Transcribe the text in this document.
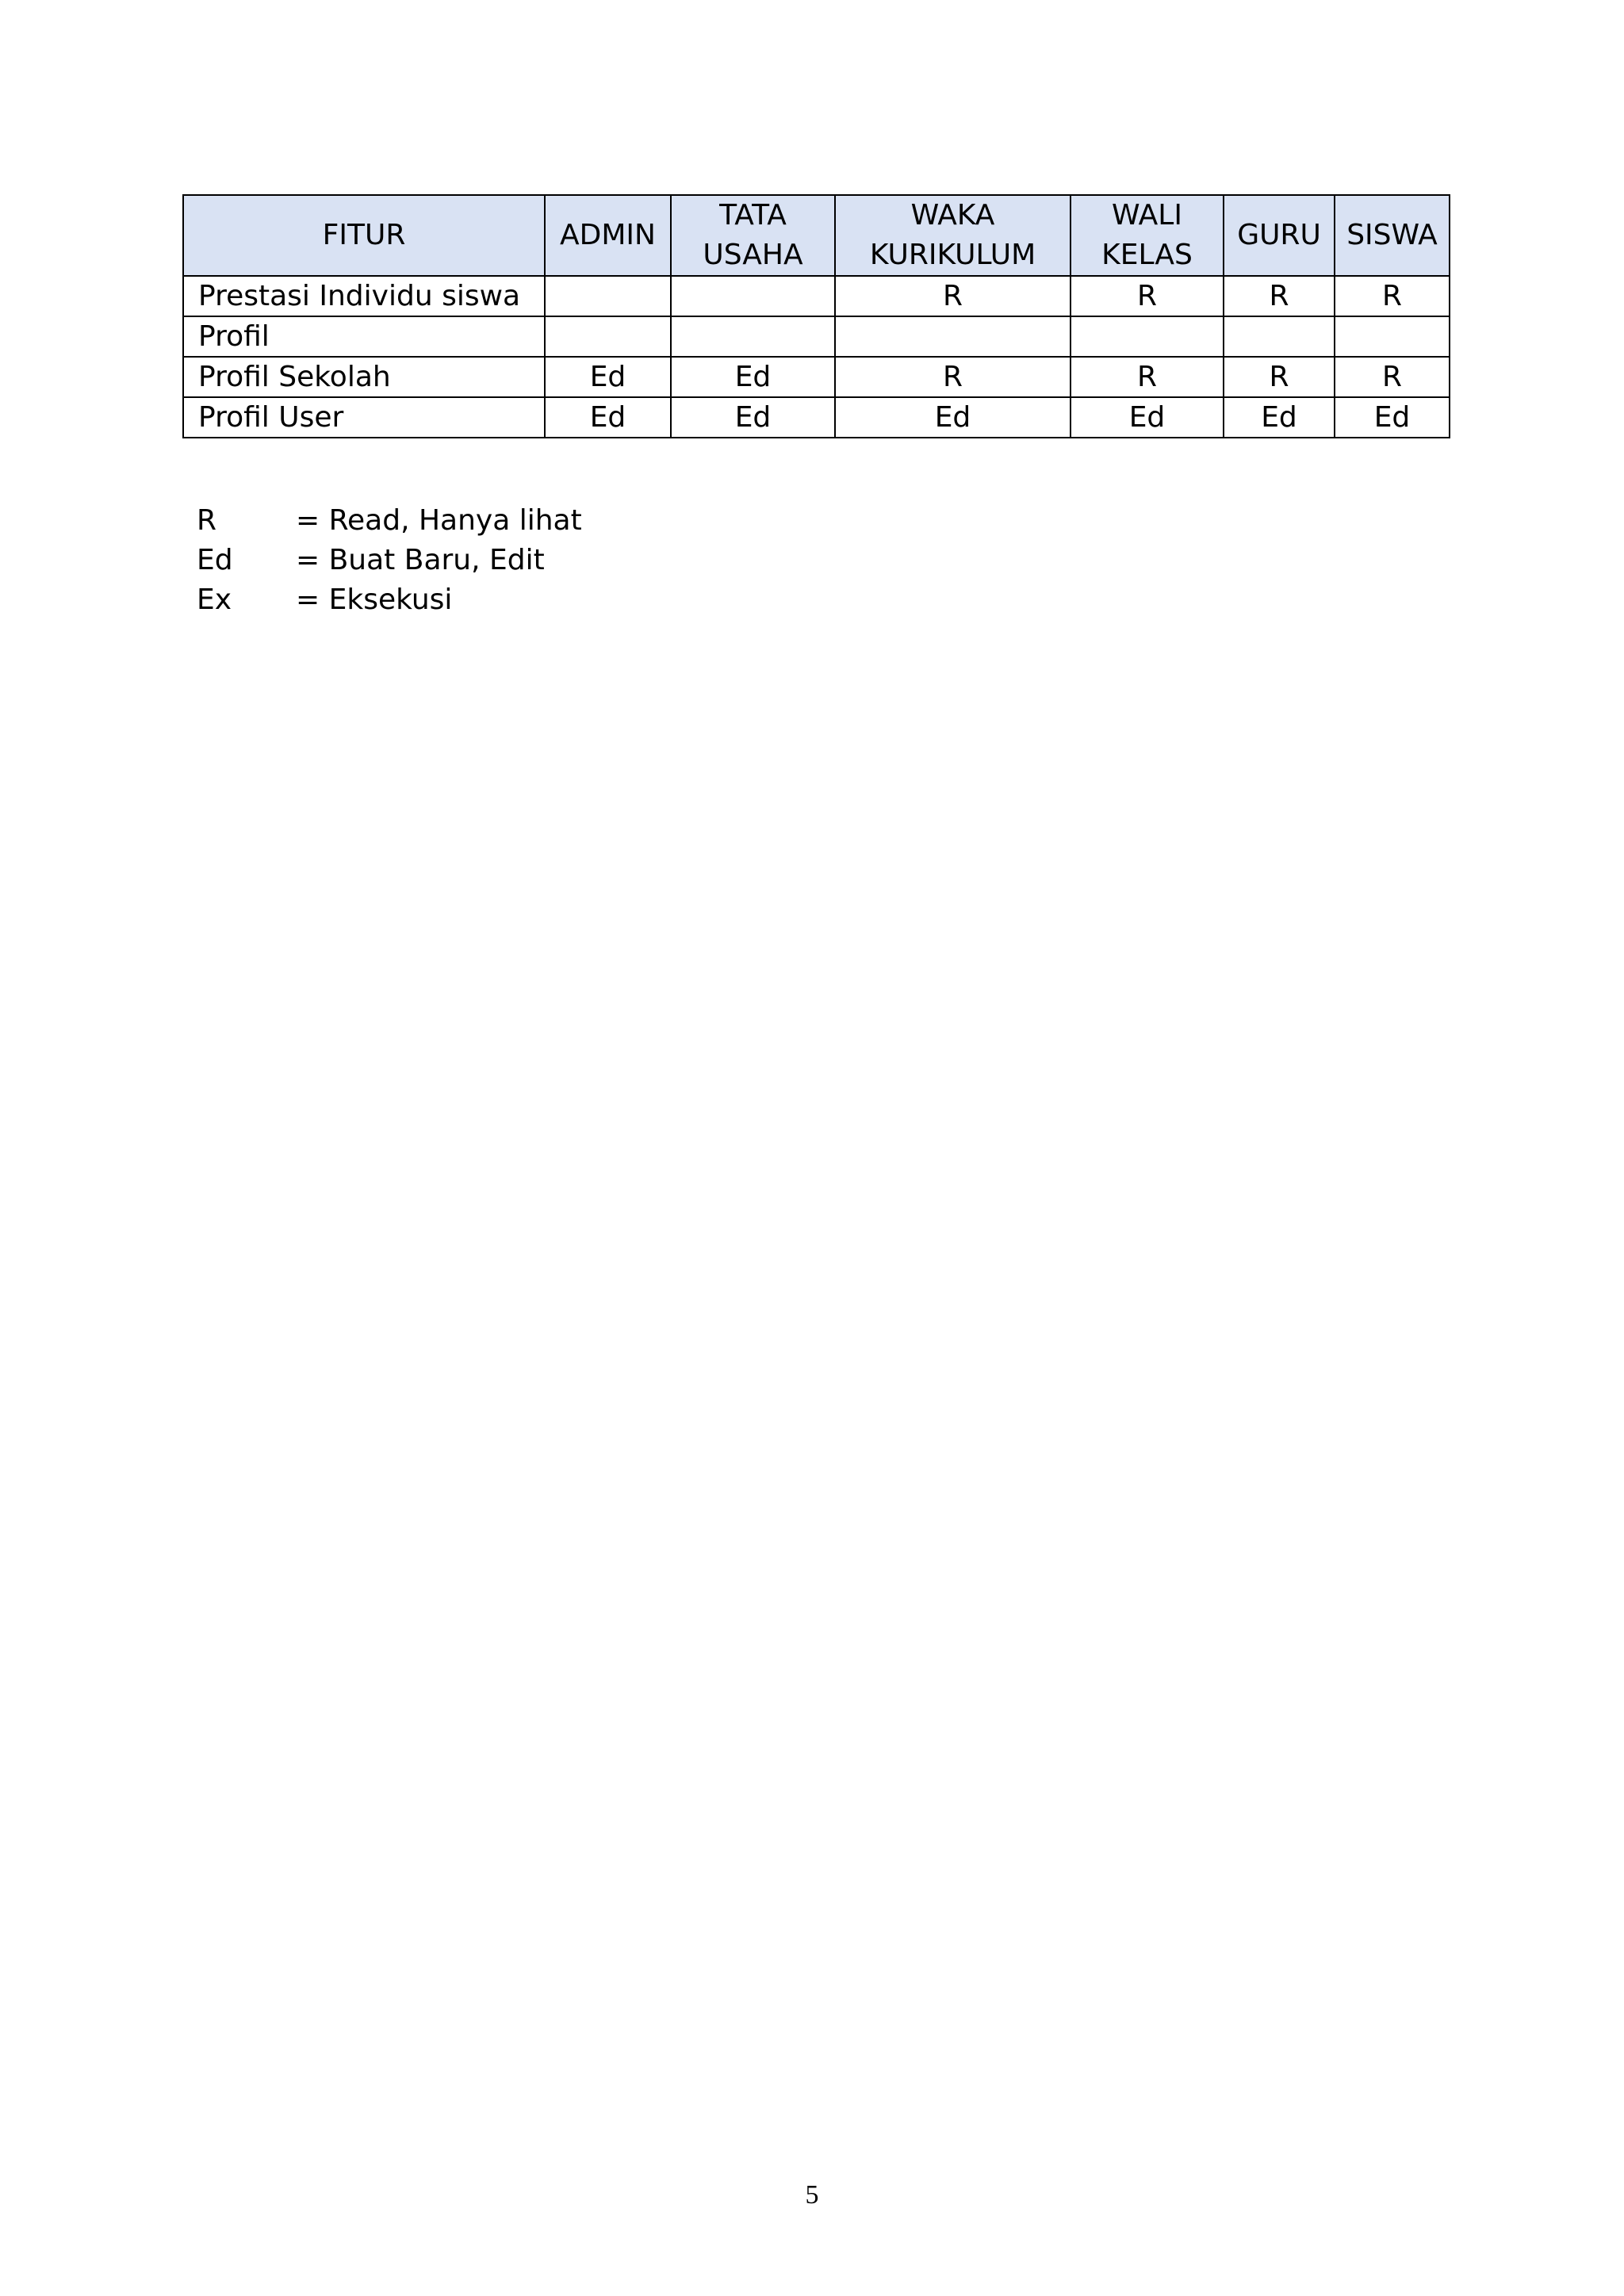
FITUR	ADMIN	TATA USAHA	WAKA KURIKULUM	WALI KELAS	GURU	SISWA
Prestasi Individu siswa			R	R	R	R
Profil						
Profil Sekolah	Ed	Ed	R	R	R	R
Profil User	Ed	Ed	Ed	Ed	Ed	Ed
R	= Read, Hanya lihat
Ed	= Buat Baru, Edit
Ex	= Eksekusi
5
